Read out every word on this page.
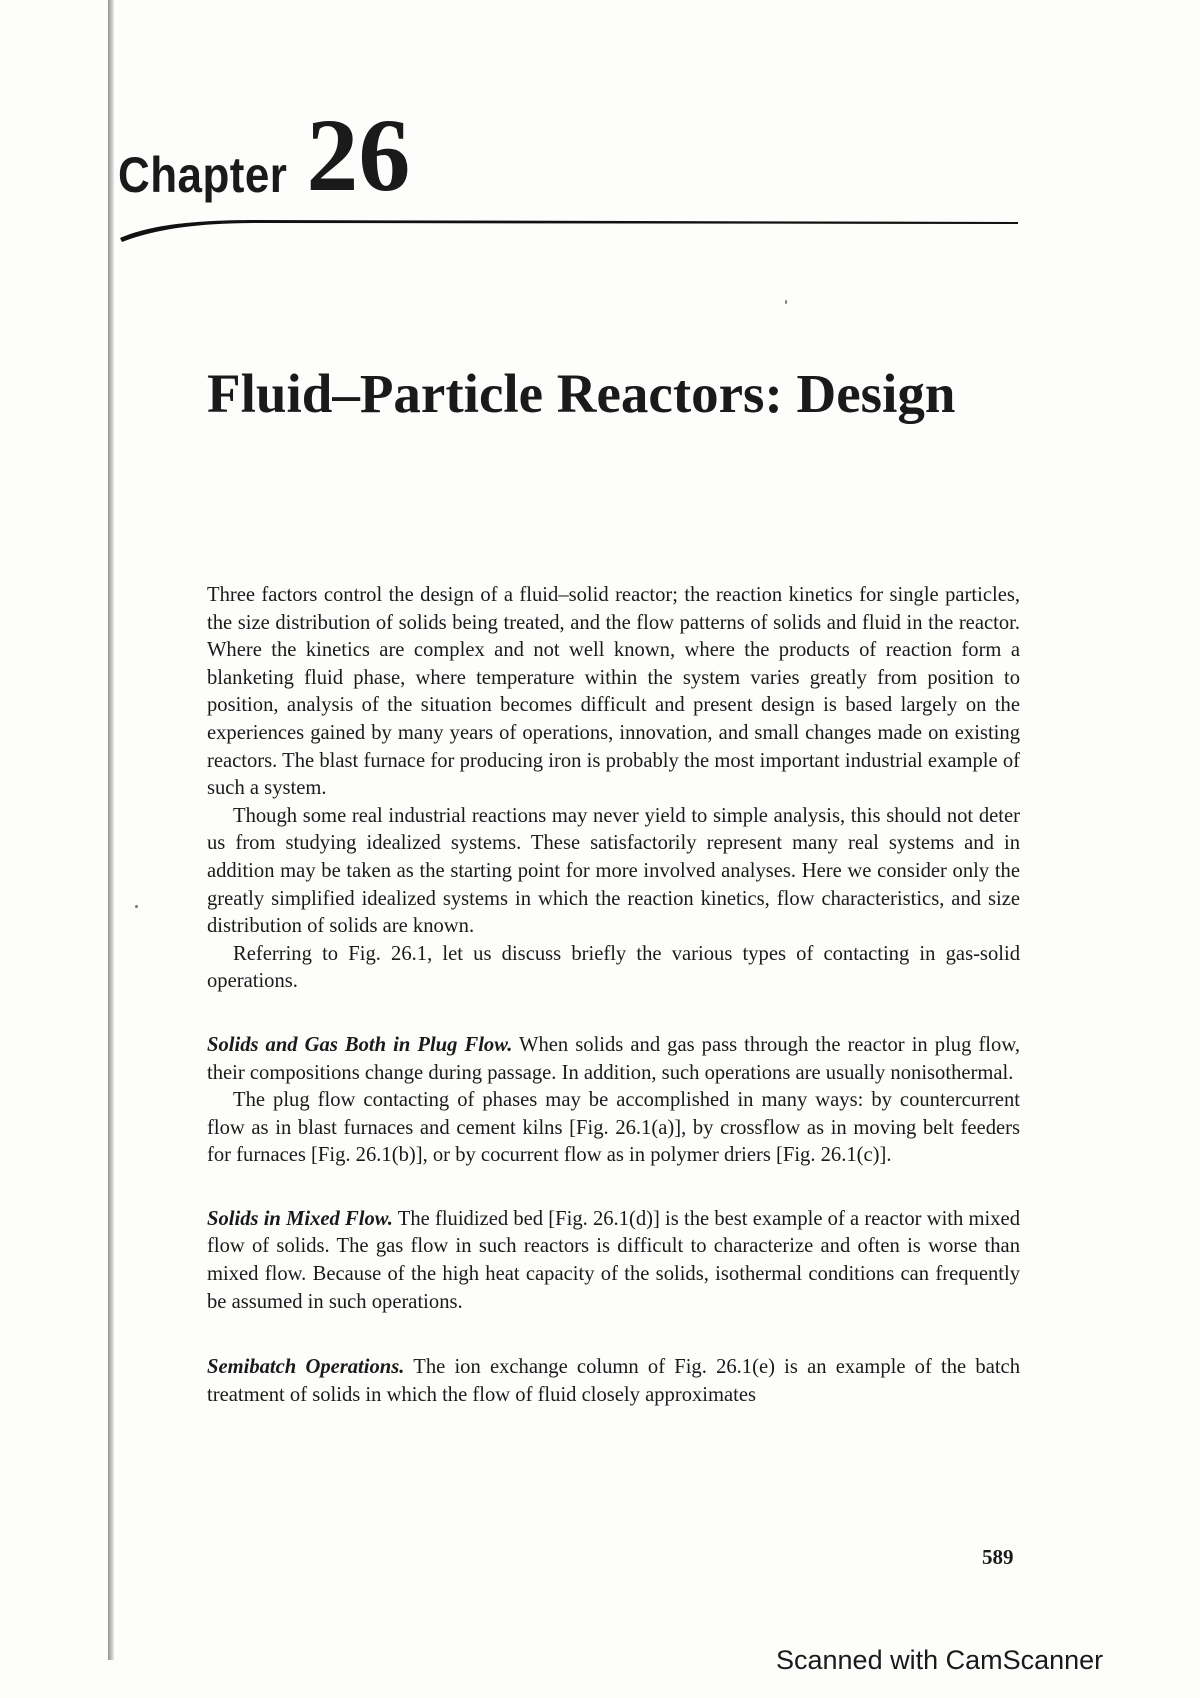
Chapter 26
Fluid–Particle Reactors: Design

Three factors control the design of a fluid–solid reactor; the reaction kinetics for single particles, the size distribution of solids being treated, and the flow patterns of solids and fluid in the reactor. Where the kinetics are complex and not well known, where the products of reaction form a blanketing fluid phase, where temperature within the system varies greatly from position to position, analysis of the situation becomes difficult and present design is based largely on the experiences gained by many years of operations, innovation, and small changes made on existing reactors. The blast furnace for producing iron is probably the most important industrial example of such a system.

Though some real industrial reactions may never yield to simple analysis, this should not deter us from studying idealized systems. These satisfactorily represent many real systems and in addition may be taken as the starting point for more involved analyses. Here we consider only the greatly simplified idealized systems in which the reaction kinetics, flow characteristics, and size distribution of solids are known.

Referring to Fig. 26.1, let us discuss briefly the various types of contacting in gas-solid operations.

Solids and Gas Both in Plug Flow. When solids and gas pass through the reactor in plug flow, their compositions change during passage. In addition, such operations are usually nonisothermal.

The plug flow contacting of phases may be accomplished in many ways: by countercurrent flow as in blast furnaces and cement kilns [Fig. 26.1(a)], by crossflow as in moving belt feeders for furnaces [Fig. 26.1(b)], or by cocurrent flow as in polymer driers [Fig. 26.1(c)].

Solids in Mixed Flow. The fluidized bed [Fig. 26.1(d)] is the best example of a reactor with mixed flow of solids. The gas flow in such reactors is difficult to characterize and often is worse than mixed flow. Because of the high heat capacity of the solids, isothermal conditions can frequently be assumed in such operations.

Semibatch Operations. The ion exchange column of Fig. 26.1(e) is an example of the batch treatment of solids in which the flow of fluid closely approximates

589
Scanned with CamScanner
